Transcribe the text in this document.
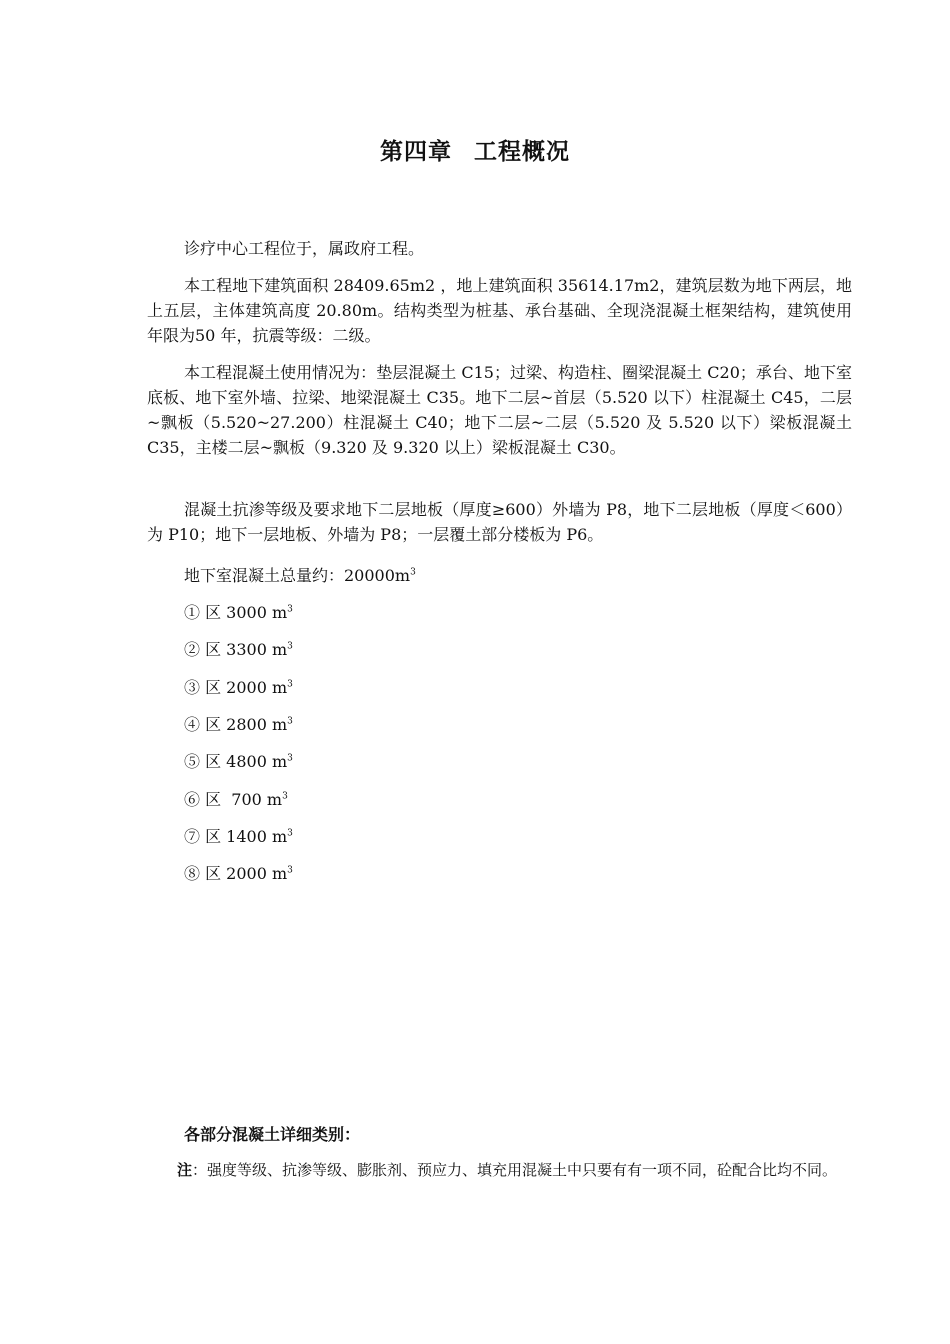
第四章 工程概况

诊疗中心工程位于，属政府工程。

本工程地下建筑面积 28409.65m2 ，地上建筑面积 35614.17m2，建筑层数为地下两层，地上五层，主体建筑高度 20.80m。结构类型为桩基、承台基础、全现浇混凝土框架结构，建筑使用年限为50 年，抗震等级：二级。

本工程混凝土使用情况为：垫层混凝土 C15；过梁、构造柱、圈梁混凝土 C20；承台、地下室底板、地下室外墙、拉梁、地梁混凝土 C35。地下二层~首层（5.520 以下）柱混凝土 C45，二层~飘板（5.520~27.200）柱混凝土 C40；地下二层~二层（5.520 及 5.520 以下）梁板混凝土 C35，主楼二层~飘板（9.320 及 9.320 以上）梁板混凝土 C30。

混凝土抗渗等级及要求地下二层地板（厚度≥600）外墙为 P8，地下二层地板（厚度＜600）为 P10；地下一层地板、外墙为 P8；一层覆土部分楼板为 P6。

地下室混凝土总量约：$20000m^3$
① 区 3000 $m^3$
② 区 3300 $m^3$
③ 区 2000 $m^3$
④ 区 2800 $m^3$
⑤ 区 4800 $m^3$
⑥ 区  700 $m^3$
⑦ 区 1400 $m^3$
⑧ 区 2000 $m^3$
各部分混凝土详细类别：
注：强度等级、抗渗等级、膨胀剂、预应力、填充用混凝土中只要有有一项不同，砼配合比均不同。
